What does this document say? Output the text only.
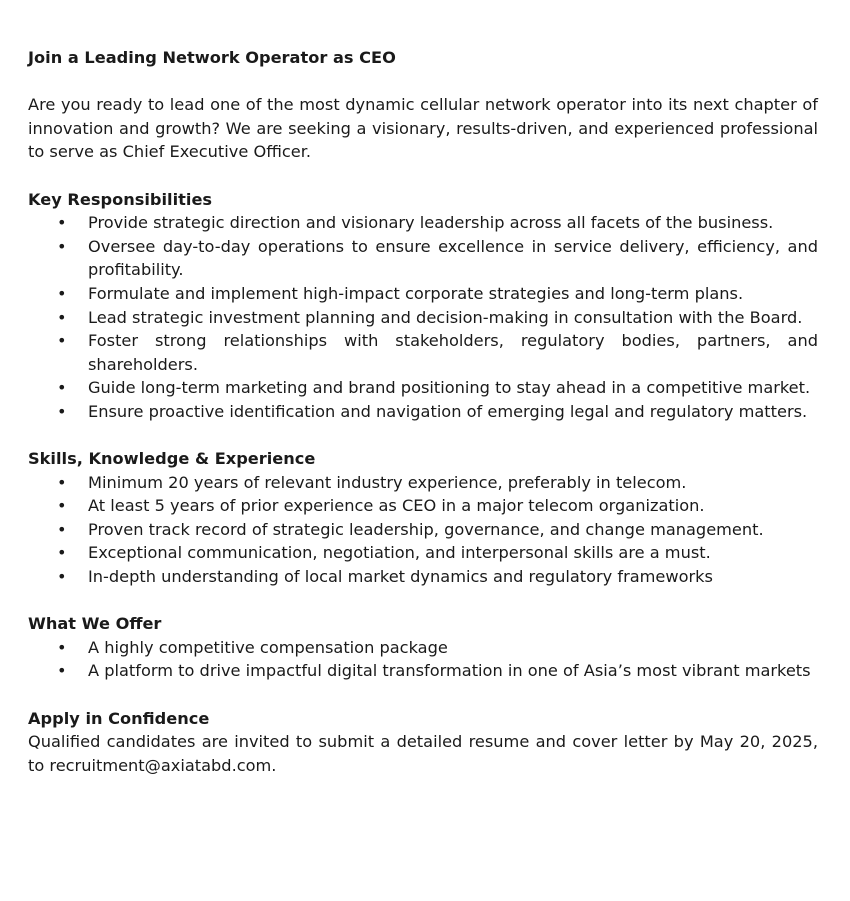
Join a Leading Network Operator as CEO

Are you ready to lead one of the most dynamic cellular network operator into its next chapter of innovation and growth? We are seeking a visionary, results-driven, and experienced professional to serve as Chief Executive Officer.

Key Responsibilities
• Provide strategic direction and visionary leadership across all facets of the business.
• Oversee day-to-day operations to ensure excellence in service delivery, efficiency, and profitability.
• Formulate and implement high-impact corporate strategies and long-term plans.
• Lead strategic investment planning and decision-making in consultation with the Board.
• Foster strong relationships with stakeholders, regulatory bodies, partners, and shareholders.
• Guide long-term marketing and brand positioning to stay ahead in a competitive market.
• Ensure proactive identification and navigation of emerging legal and regulatory matters.
Skills, Knowledge & Experience
• Minimum 20 years of relevant industry experience, preferably in telecom.
• At least 5 years of prior experience as CEO in a major telecom organization.
• Proven track record of strategic leadership, governance, and change management.
• Exceptional communication, negotiation, and interpersonal skills are a must.
• In-depth understanding of local market dynamics and regulatory frameworks
What We Offer
• A highly competitive compensation package
• A platform to drive impactful digital transformation in one of Asia’s most vibrant markets
Apply in Confidence

Qualified candidates are invited to submit a detailed resume and cover letter by May 20, 2025, to recruitment@axiatabd.com.
